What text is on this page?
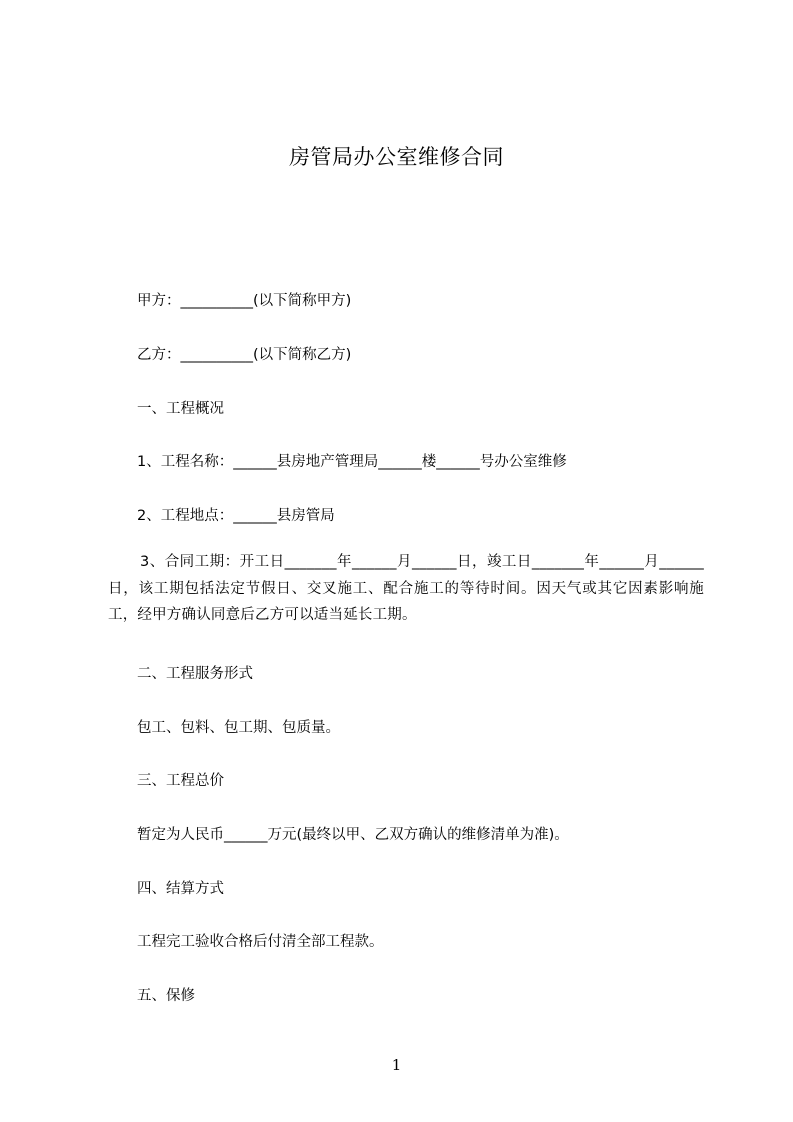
房管局办公室维修合同
甲方：__________(以下简称甲方)
乙方：__________(以下简称乙方)
一、工程概况
1、工程名称：______县房地产管理局______楼______号办公室维修
2、工程地点：______县房管局
3、合同工期：开工日_______年______月______日，竣工日_______年______月______日，该工期包括法定节假日、交叉施工、配合施工的等待时间。因天气或其它因素影响施工，经甲方确认同意后乙方可以适当延长工期。
二、工程服务形式
包工、包料、包工期、包质量。
三、工程总价
暂定为人民币______万元(最终以甲、乙双方确认的维修清单为准)。
四、结算方式
工程完工验收合格后付清全部工程款。
五、保修
1
